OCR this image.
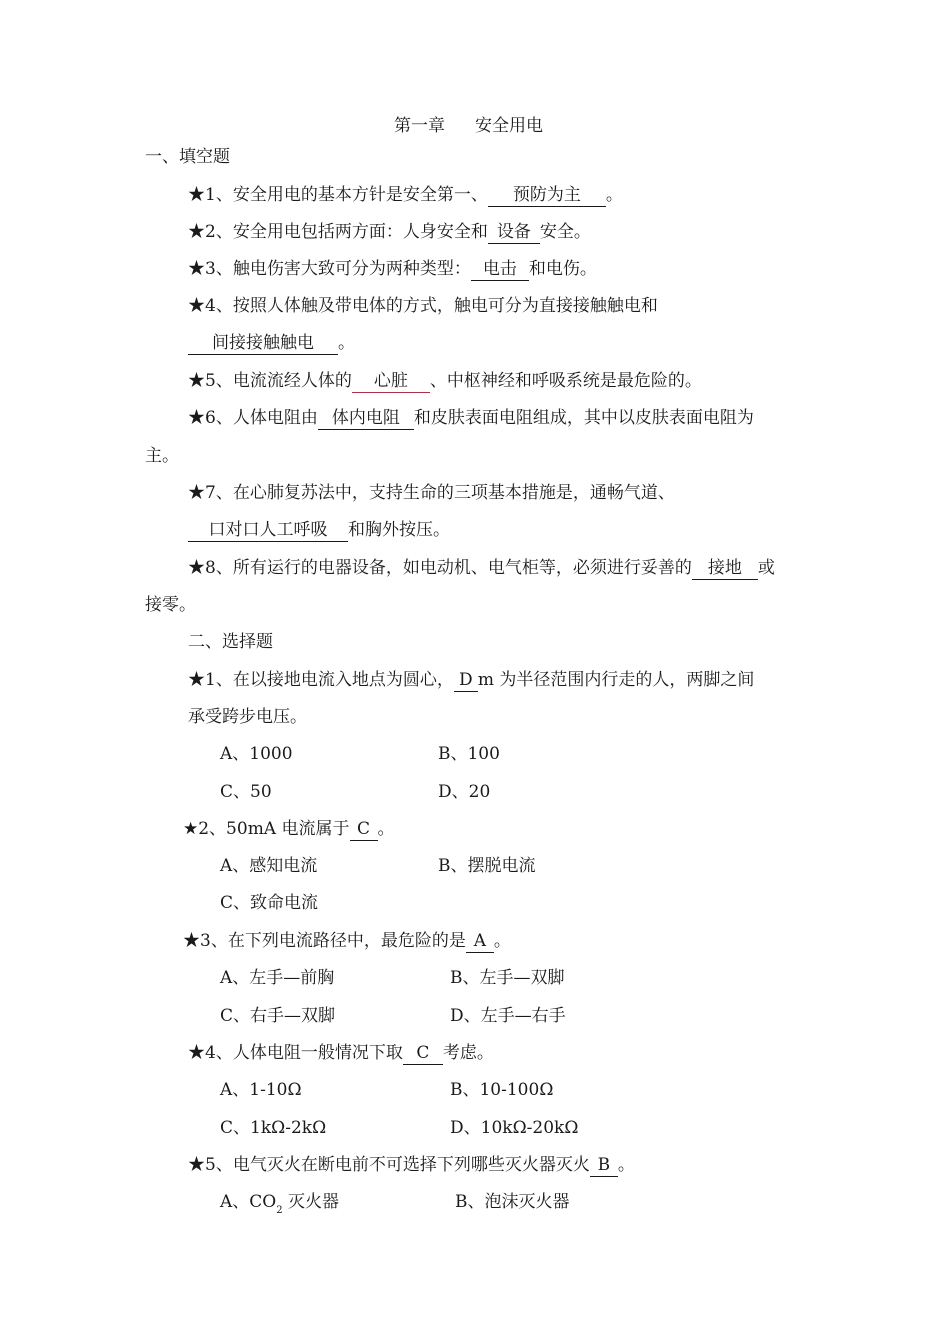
第一章 安全用电
一、填空题
★1、安全用电的基本方针是安全第一、 预防为主 。
★2、安全用电包括两方面：人身安全和 设备 安全。
★3、触电伤害大致可分为两种类型： 电击 和电伤。
★4、按照人体触及带电体的方式，触电可分为直接接触触电和
间接接触触电 。
★5、电流流经人体的 心脏 、中枢神经和呼吸系统是最危险的。
★6、人体电阻由 体内电阻 和皮肤表面电阻组成，其中以皮肤表面电阻为
主。
★7、在心肺复苏法中，支持生命的三项基本措施是，通畅气道、
口对口人工呼吸 和胸外按压。
★8、所有运行的电器设备，如电动机、电气柜等，必须进行妥善的 接地 或
接零。
二、选择题
★1、在以接地电流入地点为圆心， D m 为半径范围内行走的人，两脚之间
承受跨步电压。
A、1000	B、100
C、50	D、20
★2、50mA 电流属于 C 。
A、感知电流	B、摆脱电流
C、致命电流
★3、在下列电流路径中，最危险的是 A 。
A、左手—前胸	B、左手—双脚
C、右手—双脚	D、左手—右手
★4、人体电阻一般情况下取 C 考虑。
A、1-10Ω	B、10-100Ω
C、1kΩ-2kΩ	D、10kΩ-20kΩ
★5、电气灭火在断电前不可选择下列哪些灭火器灭火 B 。
A、$CO_2$ 灭火器	B、泡沫灭火器
